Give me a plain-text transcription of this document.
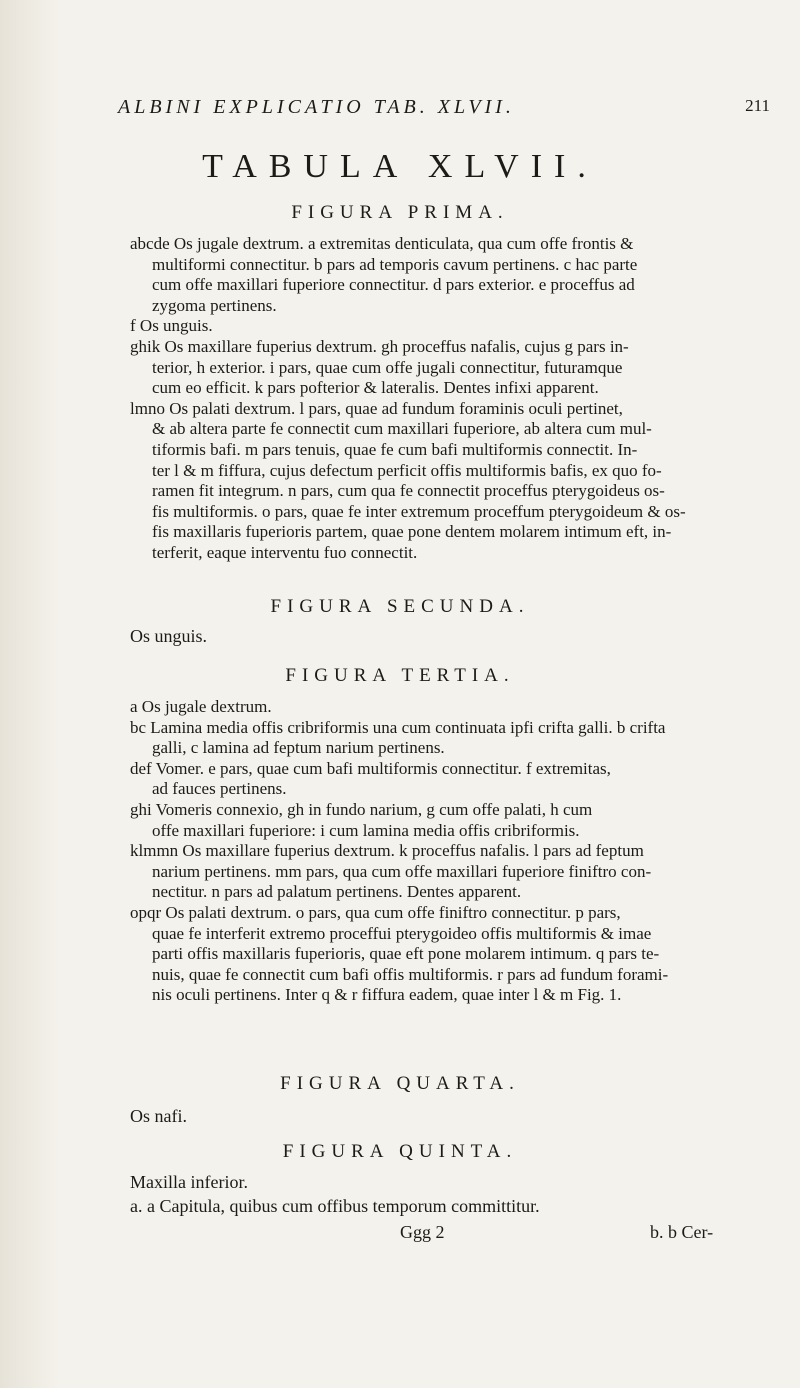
ALBINI EXPLICATIO TAB. XLVII.	211
TABULA XLVII.
FIGURA PRIMA.
abcde Os jugale dextrum. a extremitas denticulata, qua cum offe frontis &
multiformi connectitur. b pars ad temporis cavum pertinens. c hac parte
cum offe maxillari fuperiore connectitur. d pars exterior. e proceffus ad
zygoma pertinens.
f Os unguis.
ghik Os maxillare fuperius dextrum. gh proceffus nafalis, cujus g pars in-
terior, h exterior. i pars, quae cum offe jugali connectitur, futuramque
cum eo efficit. k pars pofterior & lateralis. Dentes infixi apparent.
lmno Os palati dextrum. l pars, quae ad fundum foraminis oculi pertinet,
& ab altera parte fe connectit cum maxillari fuperiore, ab altera cum mul-
tiformis bafi. m pars tenuis, quae fe cum bafi multiformis connectit. In-
ter l & m fiffura, cujus defectum perficit offis multiformis bafis, ex quo fo-
ramen fit integrum. n pars, cum qua fe connectit proceffus pterygoideus os-
fis multiformis. o pars, quae fe inter extremum proceffum pterygoideum & os-
fis maxillaris fuperioris partem, quae pone dentem molarem intimum eft, in-
terferit, eaque interventu fuo connectit.
FIGURA SECUNDA.
Os unguis.
FIGURA TERTIA.
a Os jugale dextrum.
bc Lamina media offis cribriformis una cum continuata ipfi crifta galli. b crifta
galli, c lamina ad feptum narium pertinens.
def Vomer. e pars, quae cum bafi multiformis connectitur. f extremitas,
ad fauces pertinens.
ghi Vomeris connexio, gh in fundo narium, g cum offe palati, h cum
offe maxillari fuperiore: i cum lamina media offis cribriformis.
klmmn Os maxillare fuperius dextrum. k proceffus nafalis. l pars ad feptum
narium pertinens. mm pars, qua cum offe maxillari fuperiore finiftro con-
nectitur. n pars ad palatum pertinens. Dentes apparent.
opqr Os palati dextrum. o pars, qua cum offe finiftro connectitur. p pars,
quae fe interferit extremo proceffui pterygoideo offis multiformis & imae
parti offis maxillaris fuperioris, quae eft pone molarem intimum. q pars te-
nuis, quae fe connectit cum bafi offis multiformis. r pars ad fundum forami-
nis oculi pertinens. Inter q & r fiffura eadem, quae inter l & m Fig. 1.
FIGURA QUARTA.
Os nafi.
FIGURA QUINTA.
Maxilla inferior.
a. a Capitula, quibus cum offibus temporum committitur.
Ggg 2	b. b Cer-
